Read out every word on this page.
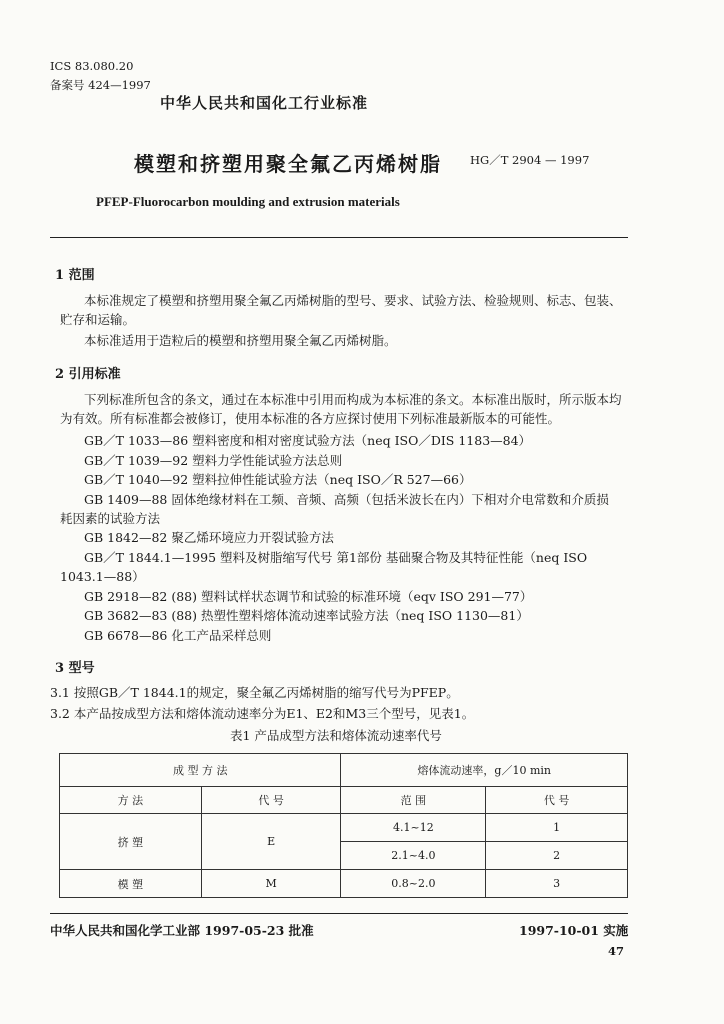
ICS 83.080.20
备案号 424—1997
中华人民共和国化工行业标准
模塑和挤塑用聚全氟乙丙烯树脂 HG／T 2904 — 1997
PFEP-Fluorocarbon moulding and extrusion materials
1 范围
本标准规定了模塑和挤塑用聚全氟乙丙烯树脂的型号、要求、试验方法、检验规则、标志、包装、贮存和运输。
本标准适用于造粒后的模塑和挤塑用聚全氟乙丙烯树脂。
2 引用标准
下列标准所包含的条文，通过在本标准中引用而构成为本标准的条文。本标准出版时，所示版本均为有效。所有标准都会被修订，使用本标准的各方应探讨使用下列标准最新版本的可能性。
GB／T 1033—86 塑料密度和相对密度试验方法（neq ISO／DIS 1183—84）
GB／T 1039—92 塑料力学性能试验方法总则
GB／T 1040—92 塑料拉伸性能试验方法（neq ISO／R 527—66）
GB 1409—88 固体绝缘材料在工频、音频、高频（包括米波长在内）下相对介电常数和介质损
耗因素的试验方法
GB 1842—82 聚乙烯环境应力开裂试验方法
GB／T 1844.1—1995 塑料及树脂缩写代号 第1部份 基础聚合物及其特征性能（neq ISO
1043.1—88）
GB 2918—82 (88) 塑料试样状态调节和试验的标准环境（eqv ISO 291—77）
GB 3682—83 (88) 热塑性塑料熔体流动速率试验方法（neq ISO 1130—81）
GB 6678—86 化工产品采样总则
3 型号
3.1 按照GB／T 1844.1的规定，聚全氟乙丙烯树脂的缩写代号为PFEP。
3.2 本产品按成型方法和熔体流动速率分为E1、E2和M3三个型号，见表1。
表1 产品成型方法和熔体流动速率代号
成 型 方 法		熔体流动速率，g／10 min	
方 法	代 号	范 围	代 号
挤 塑	E	4.1~12	1
		2.1~4.0	2
模 塑	M	0.8~2.0	3
中华人民共和国化学工业部 1997-05-23 批准	1997-10-01 实施
47
